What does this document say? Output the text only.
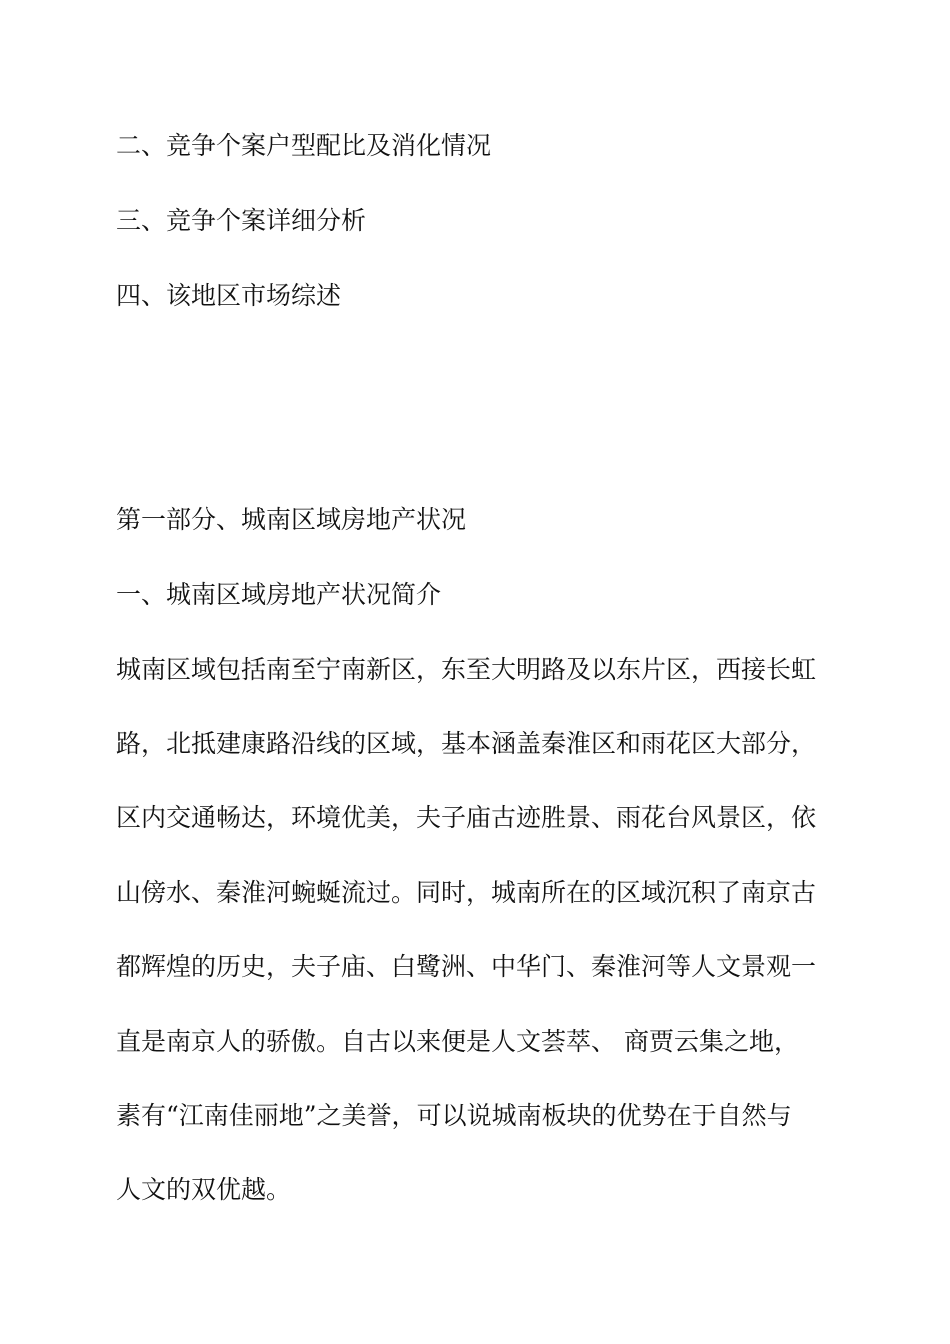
二、竞争个案户型配比及消化情况
三、竞争个案详细分析
四、该地区市场综述
第一部分、城南区域房地产状况
一、城南区域房地产状况简介
城南区域包括南至宁南新区，东至大明路及以东片区，西接长虹
路，北抵建康路沿线的区域，基本涵盖秦淮区和雨花区大部分，
区内交通畅达，环境优美，夫子庙古迹胜景、雨花台风景区，依
山傍水、秦淮河蜿蜒流过。同时，城南所在的区域沉积了南京古
都辉煌的历史，夫子庙、白鹭洲、中华门、秦淮河等人文景观一
直是南京人的骄傲。自古以来便是人文荟萃、 商贾云集之地，
素有“江南佳丽地”之美誉，可以说城南板块的优势在于自然与
人文的双优越。
